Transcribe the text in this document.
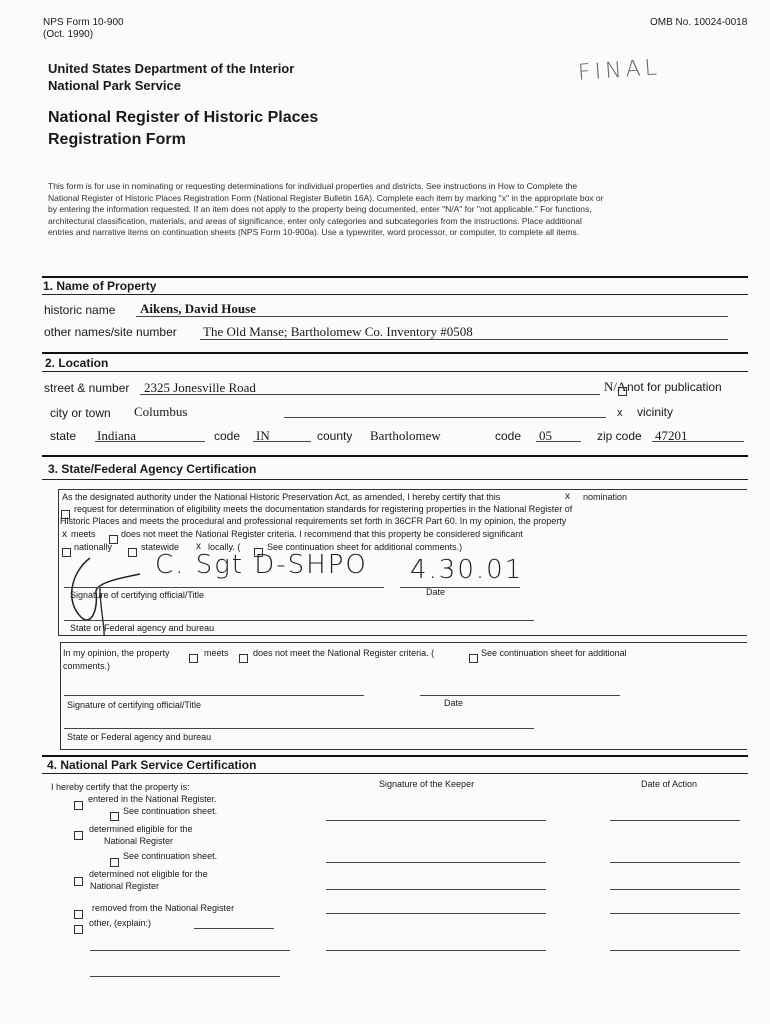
NPS Form 10-900
(Oct. 1990)
OMB No. 10024-0018
FINAL
United States Department of the Interior
National Park Service
National Register of Historic Places
Registration Form
This form is for use in nominating or requesting determinations for individual properties and districts. See instructions in How to Complete the
National Register of Historic Places Registration Form (National Register Bulletin 16A). Complete each item by marking "x" in the appropriate box or
by entering the information requested. If an item does not apply to the property being documented, enter "N/A" for "not applicable." For functions,
architectural classification, materials, and areas of significance, enter only categories and subcategories from the instructions. Place additional
entries and narrative items on continuation sheets (NPS Form 10-900a). Use a typewriter, word processor, or computer, to complete all items.
1. Name of Property
historic name Aikens, David House
other names/site number The Old Manse; Bartholomew Co. Inventory #0508
2. Location
street & number 2325 Jonesville Road	N/A not for publication
city or town Columbus	x vicinity
state Indiana	code IN	county Bartholomew	code 05	zip code 47201
3. State/Federal Agency Certification
As the designated authority under the National Historic Preservation Act, as amended, I hereby certify that this	x nomination
request for determination of eligibility meets the documentation standards for registering properties in the National Register of
Historic Places and meets the procedural and professional requirements set forth in 36CFR Part 60. In my opinion, the property
x meets	does not meet the National Register criteria. I recommend that this property be considered significant
nationally	statewide x locally. (	See continuation sheet for additional comments.)
C. Sgt D-SHPO 4.30.01
Signature of certifying official/Title	Date
State or Federal agency and bureau
In my opinion, the property	meets	does not meet the National Register criteria. (	See continuation sheet for additional
comments.)
Signature of certifying official/Title	Date
State or Federal agency and bureau
4. National Park Service Certification
I hereby certify that the property is:	Signature of the Keeper	Date of Action
entered in the National Register.
See continuation sheet.
determined eligible for the
National Register
See continuation sheet.
determined not eligible for the
National Register
removed from the National Register
other, (explain:)
